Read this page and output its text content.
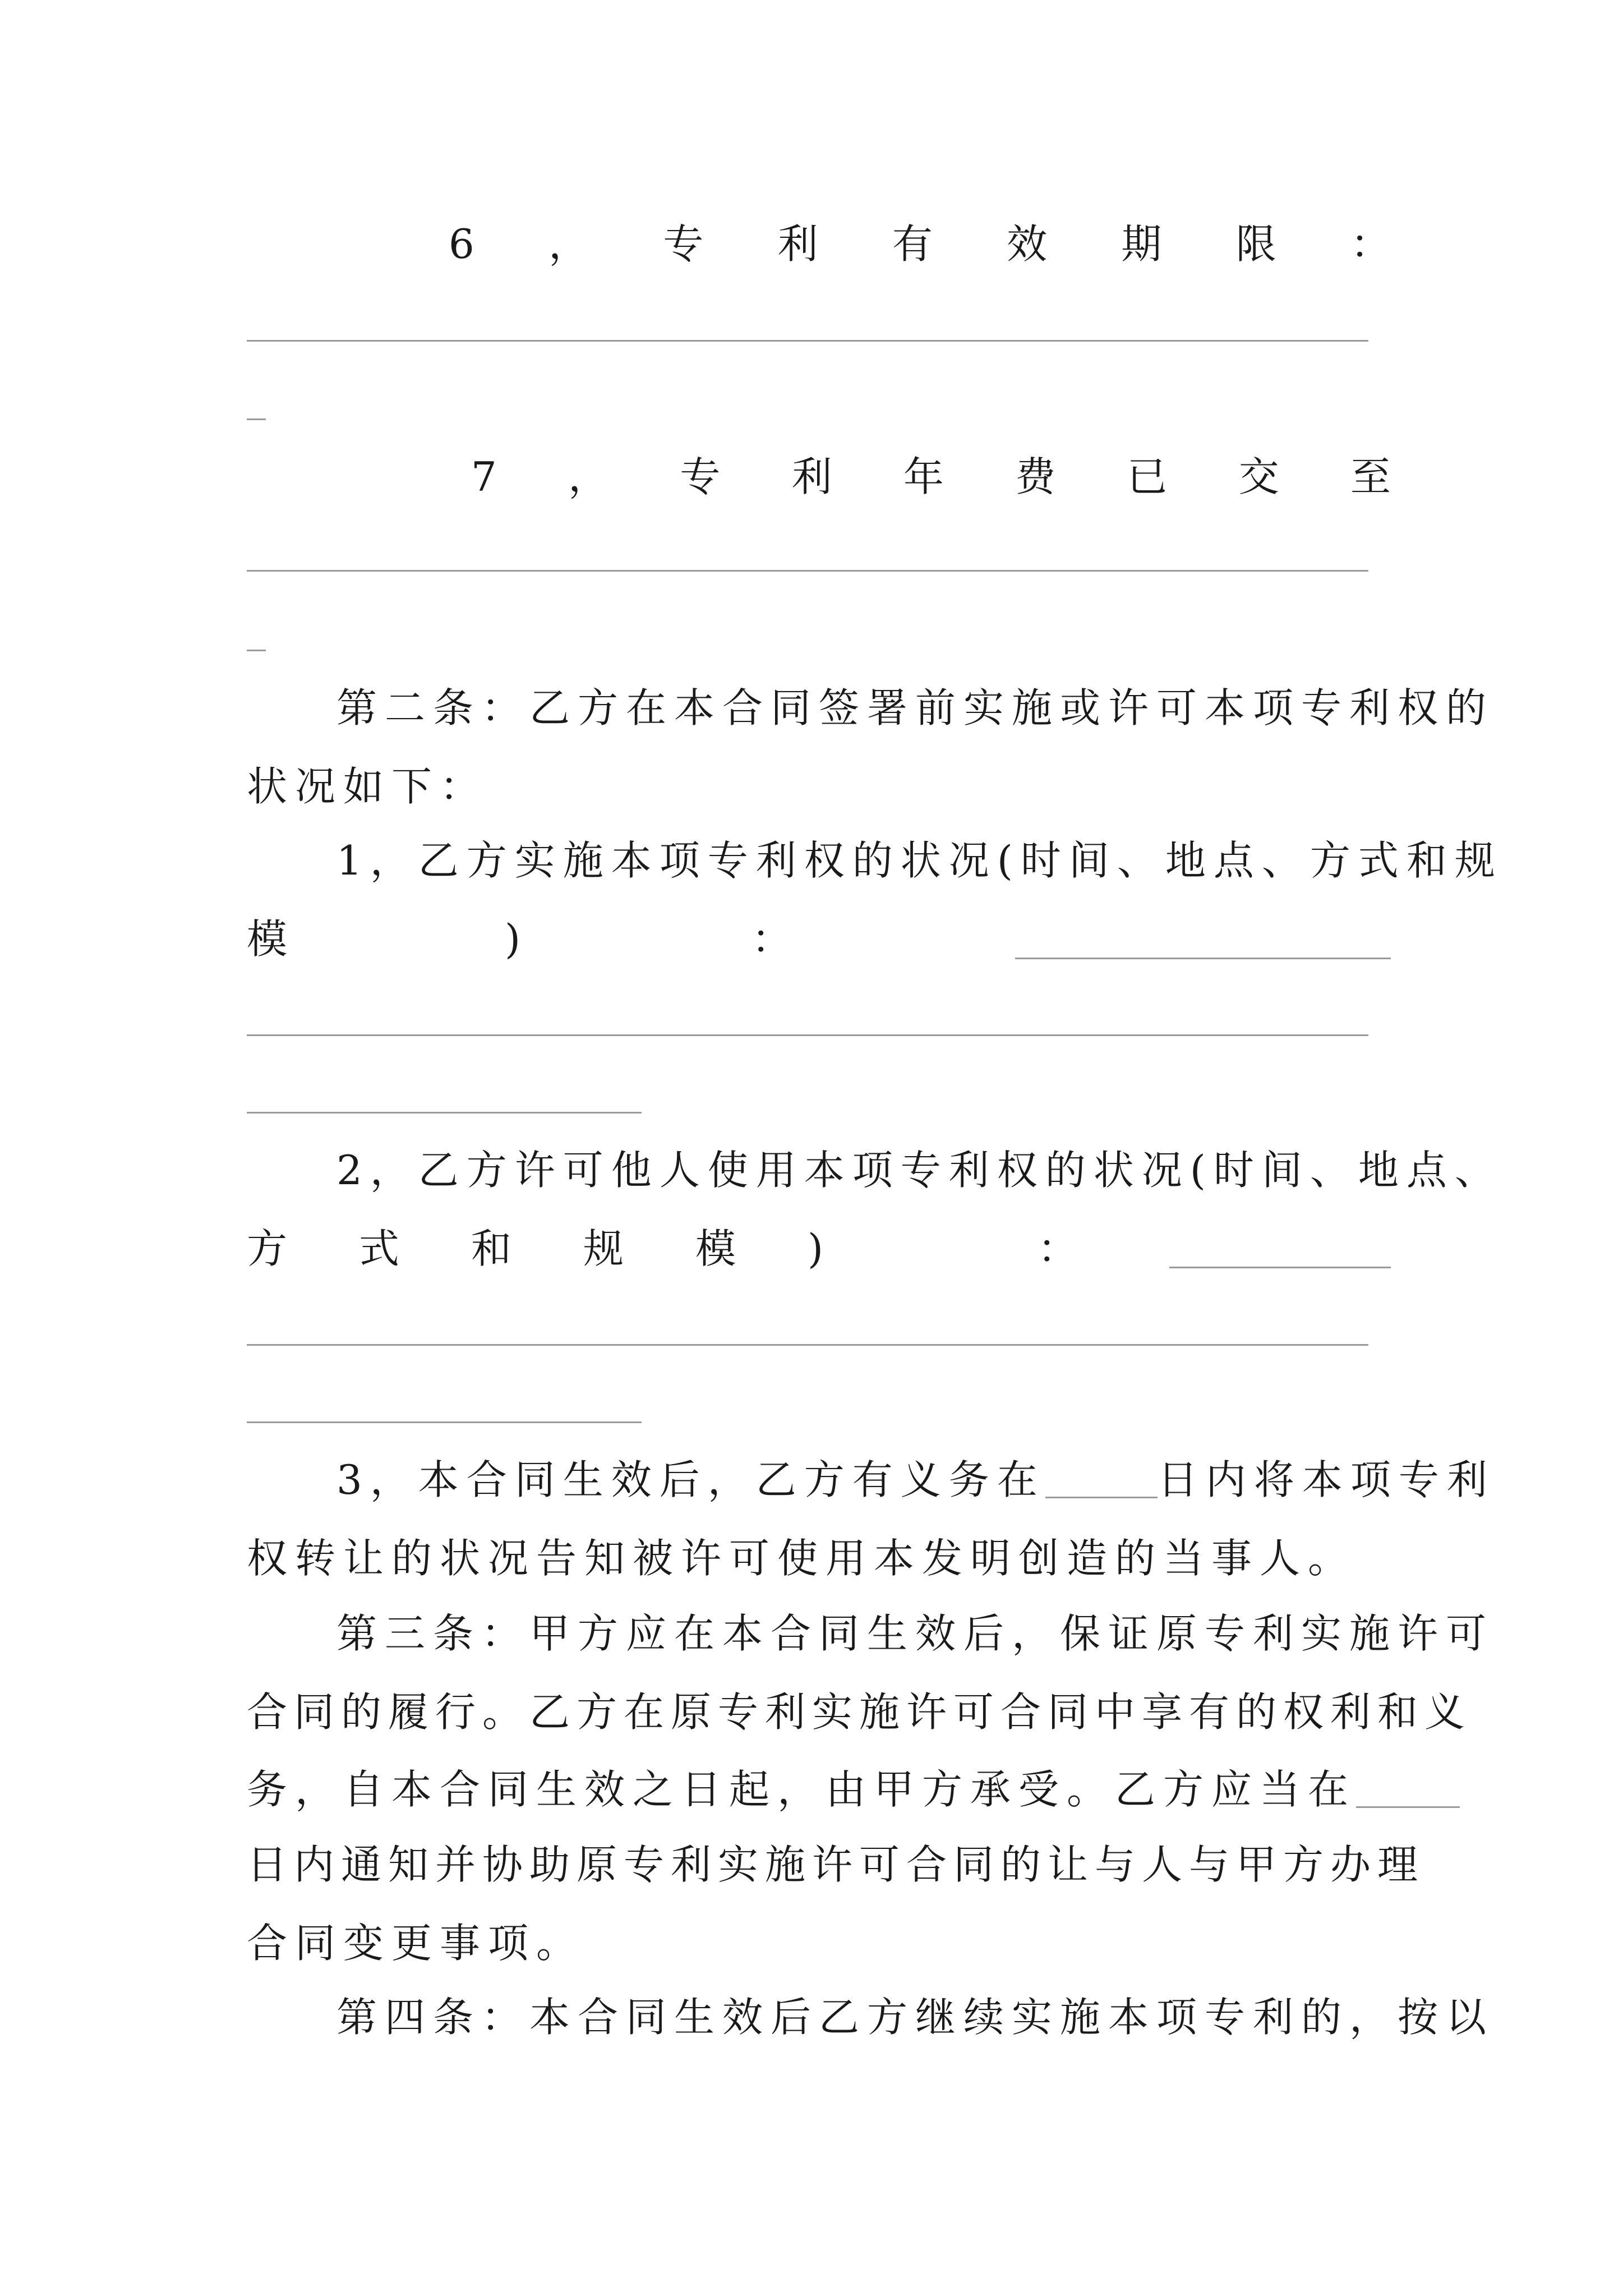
6 ， 专 利 有 效 期 限 ：
7 ， 专 利 年 费 已 交 至
第二条：乙方在本合同签署前实施或许可本项专利权的
状况如下：
1，乙方实施本项专利权的状况(时间、地点、方式和规
模	)	：
2，乙方许可他人使用本项专利权的状况(时间、地点、
方 式 和 规 模 )	：
3，本合同生效后，乙方有义务在	日内将本项专利
权转让的状况告知被许可使用本发明创造的当事人。
第三条：甲方应在本合同生效后，保证原专利实施许可
合同的履行。乙方在原专利实施许可合同中享有的权利和义
务，自本合同生效之日起，由甲方承受。乙方应当在
日内通知并协助原专利实施许可合同的让与人与甲方办理
合同变更事项。
第四条：本合同生效后乙方继续实施本项专利的，按以
